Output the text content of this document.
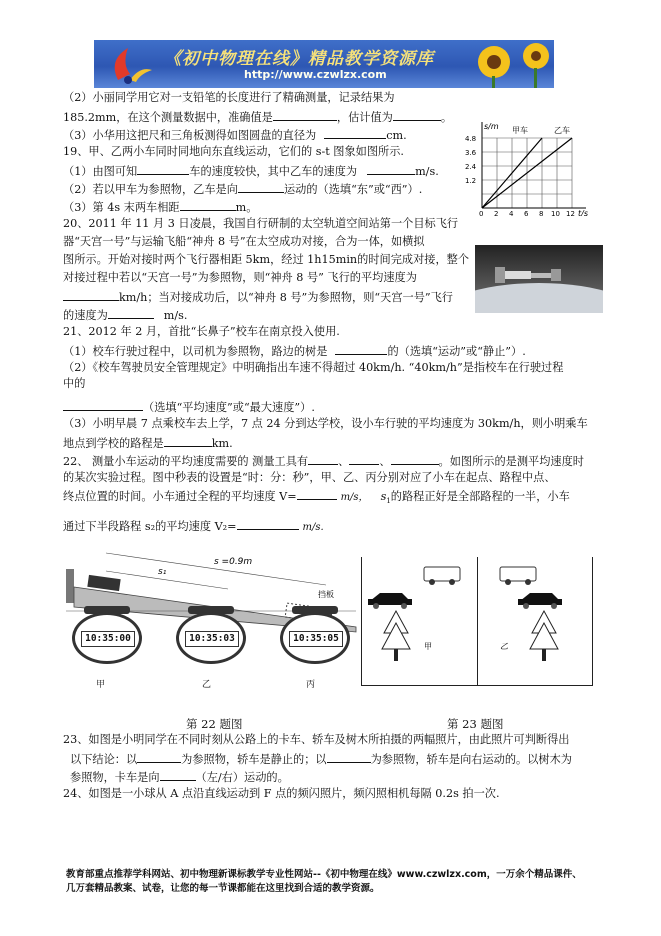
《初中物理在线》精品教学资源库
http://www.czwlzx.com
（2）小丽同学用它对一支铅笔的长度进行了精确测量，记录结果为
185.2mm，在这个测量数据中，准确值是	，估计值为	。
（3）小华用这把尺和三角板测得如图圆盘的直径为	cm.
19、甲、乙两小车同时同地向东直线运动，它们的 s-t 图象如图所示.
（1）由图可知	车的速度较快，其中乙车的速度为	m/s.
（2）若以甲车为参照物，乙车是向	运动的（选填“东”或“西”）.
（3）第 4s 末两车相距	m。
20、2011 年 11 月 3 日凌晨，我国自行研制的太空轨道空间站第一个目标飞行
器“天宫一号”与运输飞船“神舟 8 号”在太空成功对接，合为一体，如横拟
图所示。开始对接时两个飞行器相距 5km，经过 1h15min的时间完成对接，整个
对接过程中若以“天宫一号”为参照物，则“神舟 8 号” 飞行的平均速度为
km/h；当对接成功后，以“神舟 8 号”为参照物，则“天宫一号”飞行
的速度为	m/s.
21、2012 年 2 月，首批“长鼻子”校车在南京投入使用.
（1）校车行驶过程中，以司机为参照物，路边的树是	的（选填“运动”或“静止”）.
（2）《校车驾驶员安全管理规定》中明确指出车速不得超过 40km/h. “40km/h”是指校车在行驶过程
中的
（选填“平均速度”或“最大速度”）.
（3）小明早晨 7 点乘校车去上学，7 点 24 分到达学校，设小车行驶的平均速度为 30km/h，则小明乘车
地点到学校的路程是	km.
22、 测量小车运动的平均速度需要的 测量工具有	、	、	。如图所示的是测平均速度时
的某次实验过程。图中秒表的设置是“时：分：秒”，甲、乙、丙分别对应了小车在起点、路程中点、
终点位置的时间。小车通过全程的平均速度 V=	m/s， $s_1$的路程正好是全部路程的一半，小车
通过下半段路程 s₂的平均速度 V₂=	m/s.
s/m
t/s
4.8
3.6
2.4
1.2
0 2 4 6 8 10 12
甲车	乙车
s =0.9m
s₁
挡板
10:35:00	10:35:03	10:35:05
甲	乙	丙
甲	乙
第 22 题图	第 23 题图
23、如图是小明同学在不同时刻从公路上的卡车、轿车及树木所拍摄的两幅照片，由此照片可判断得出
以下结论：以	为参照物，轿车是静止的；以	为参照物，轿车是向右运动的。以树木为
参照物，卡车是向	（左/右）运动的。
24、如图是一小球从 A 点沿直线运动到 F 点的频闪照片，频闪照相机每隔 0.2s 拍一次.
教育部重点推荐学科网站、初中物理新课标教学专业性网站--《初中物理在线》www.czwlzx.com，一万余个精品课件、
几万套精品教案、试卷，让您的每一节课都能在这里找到合适的教学资源。
